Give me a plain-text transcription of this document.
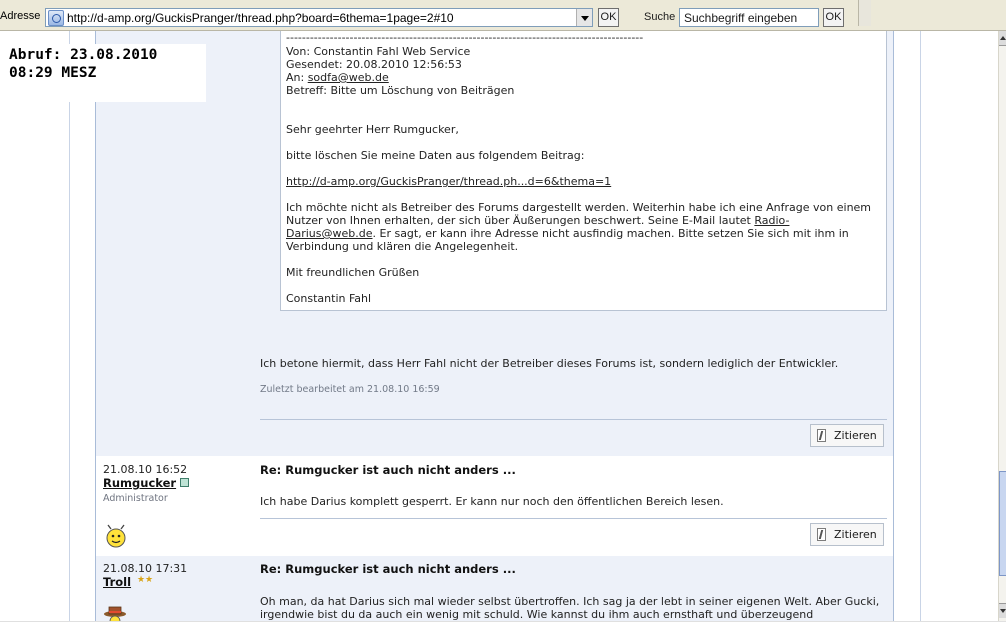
Adresse http://d-amp.org/GuckisPranger/thread.php?board=6thema=1page=2#10	OK	Suche Suchbegriff eingeben	OK
Abruf: 23.08.2010
08:29 MESZ
------------------------------------------------------------------------------------------
Von: Constantin Fahl Web Service
Gesendet: 20.08.2010 12:56:53
An: sodfa@web.de
Betreff: Bitte um Löschung von Beiträgen
Sehr geehrter Herr Rumgucker,
bitte löschen Sie meine Daten aus folgendem Beitrag:
http://d-amp.org/GuckisPranger/thread.ph...d=6&thema=1
Ich möchte nicht als Betreiber des Forums dargestellt werden. Weiterhin habe ich eine Anfrage von einem Nutzer von Ihnen erhalten, der sich über Äußerungen beschwert. Seine E-Mail lautet Radio-Darius@web.de. Er sagt, er kann ihre Adresse nicht ausfindig machen. Bitte setzen Sie sich mit ihm in Verbindung und klären die Angelegenheit.
Mit freundlichen Grüßen
Constantin Fahl
Ich betone hiermit, dass Herr Fahl nicht der Betreiber dieses Forums ist, sondern lediglich der Entwickler.
Zuletzt bearbeitet am 21.08.10 16:59
Zitieren
21.08.10 16:52
Rumgucker
Administrator
Re: Rumgucker ist auch nicht anders ...
Ich habe Darius komplett gesperrt. Er kann nur noch den öffentlichen Bereich lesen.
Zitieren
21.08.10 17:31
Troll ★ ★
Re: Rumgucker ist auch nicht anders ...
Oh man, da hat Darius sich mal wieder selbst übertroffen. Ich sag ja der lebt in seiner eigenen Welt. Aber Gucki, irgendwie bist du da auch ein wenig mit schuld. Wie kannst du ihm auch ernsthaft und überzeugend
